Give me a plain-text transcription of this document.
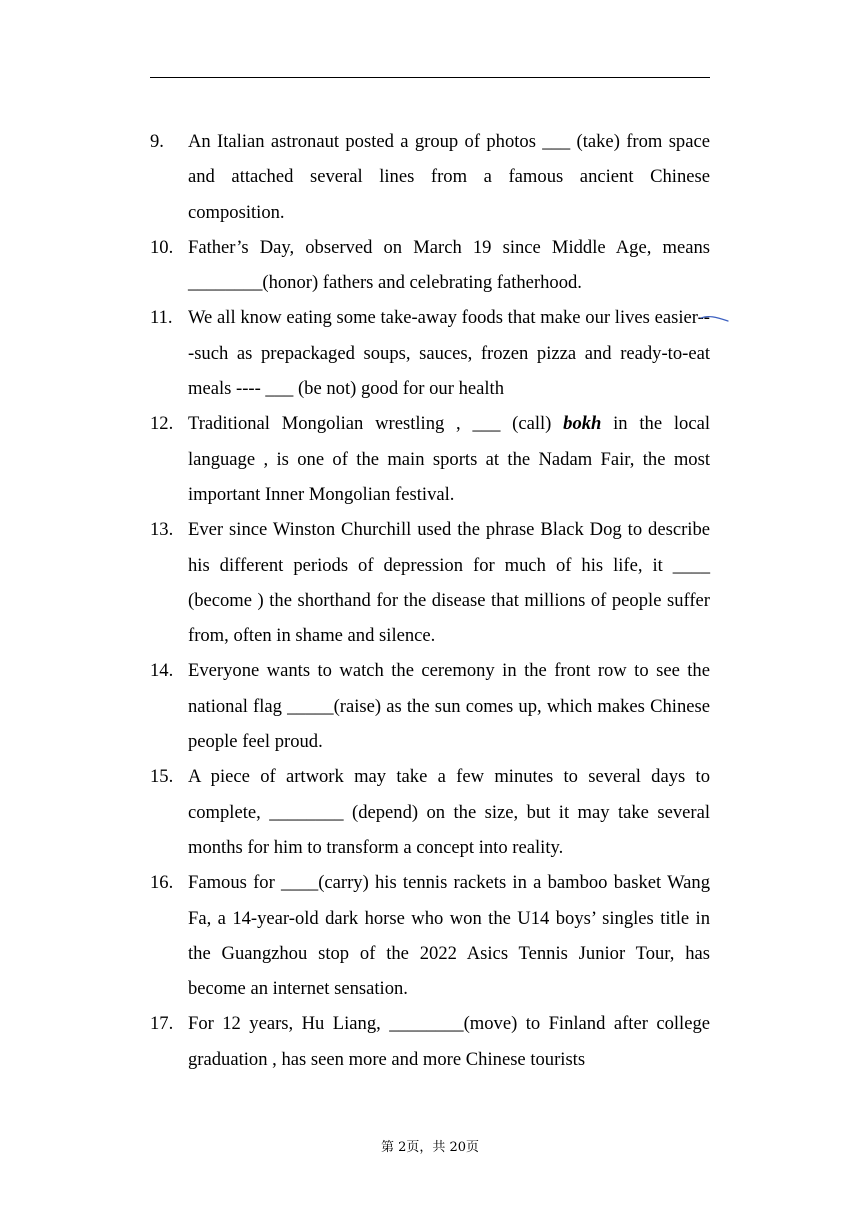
9.	An Italian astronaut posted a group of photos ___ (take) from space and attached several lines from a famous ancient Chinese composition.
10. Father’s Day, observed on March 19 since Middle Age, means ________(honor) fathers and celebrating fatherhood.
11. We all know eating some take-away foods that make our lives easier---such as prepackaged soups, sauces, frozen pizza and ready-to-eat meals ---- ___ (be not) good for our health
12. Traditional Mongolian wrestling , ___ (call) bokh in the local language , is one of the main sports at the Nadam Fair, the most important Inner Mongolian festival.
13. Ever since Winston Churchill used the phrase Black Dog to describe his different periods of depression for much of his life, it ____ (become ) the shorthand for the disease that millions of people suffer from, often in shame and silence.
14. Everyone wants to watch the ceremony in the front row to see the national flag _____(raise) as the sun comes up, which makes Chinese people feel proud.
15. A piece of artwork may take a few minutes to several days to complete, ________ (depend) on the size, but it may take several months for him to transform a concept into reality.
16. Famous for ____(carry) his tennis rackets in a bamboo basket Wang Fa, a 14-year-old dark horse who won the U14 boys’ singles title in the Guangzhou stop of the 2022 Asics Tennis Junior Tour, has become an internet sensation.
17. For 12 years, Hu Liang, ________(move) to Finland after college graduation , has seen more and more Chinese tourists
第 2页，共 20页
